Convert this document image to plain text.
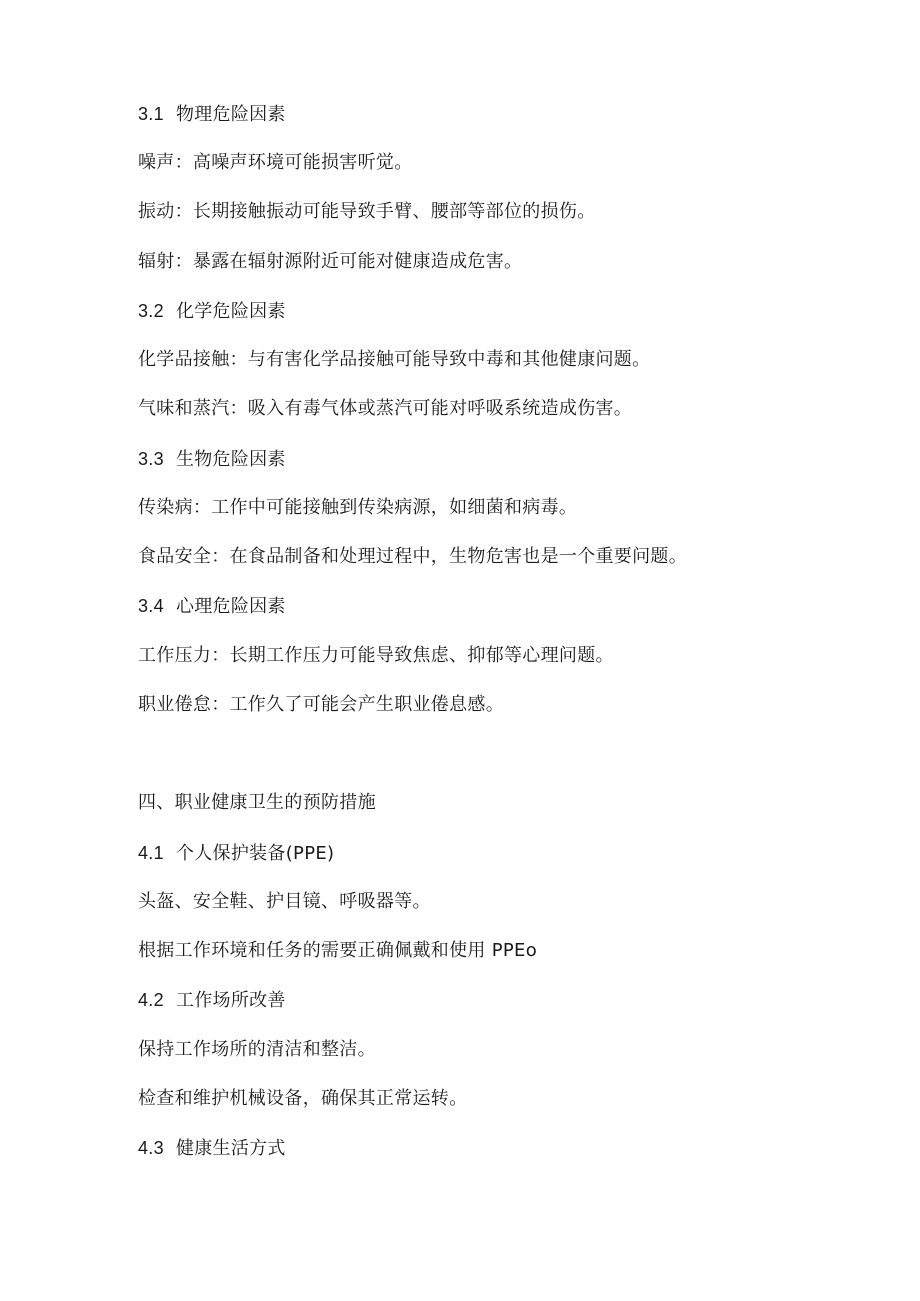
3.1 物理危险因素
噪声：高噪声环境可能损害听觉。
振动：长期接触振动可能导致手臂、腰部等部位的损伤。
辐射：暴露在辐射源附近可能对健康造成危害。
3.2 化学危险因素
化学品接触：与有害化学品接触可能导致中毒和其他健康问题。
气味和蒸汽：吸入有毒气体或蒸汽可能对呼吸系统造成伤害。
3.3 生物危险因素
传染病：工作中可能接触到传染病源，如细菌和病毒。
食品安全：在食品制备和处理过程中，生物危害也是一个重要问题。
3.4 心理危险因素
工作压力：长期工作压力可能导致焦虑、抑郁等心理问题。
职业倦怠：工作久了可能会产生职业倦息感。
四、职业健康卫生的预防措施
4.1 个人保护装备(PPE)
头盔、安全鞋、护目镜、呼吸器等。
根据工作环境和任务的需要正确佩戴和使用 PPEo
4.2 工作场所改善
保持工作场所的清洁和整洁。
检查和维护机械设备，确保其正常运转。
4.3 健康生活方式
